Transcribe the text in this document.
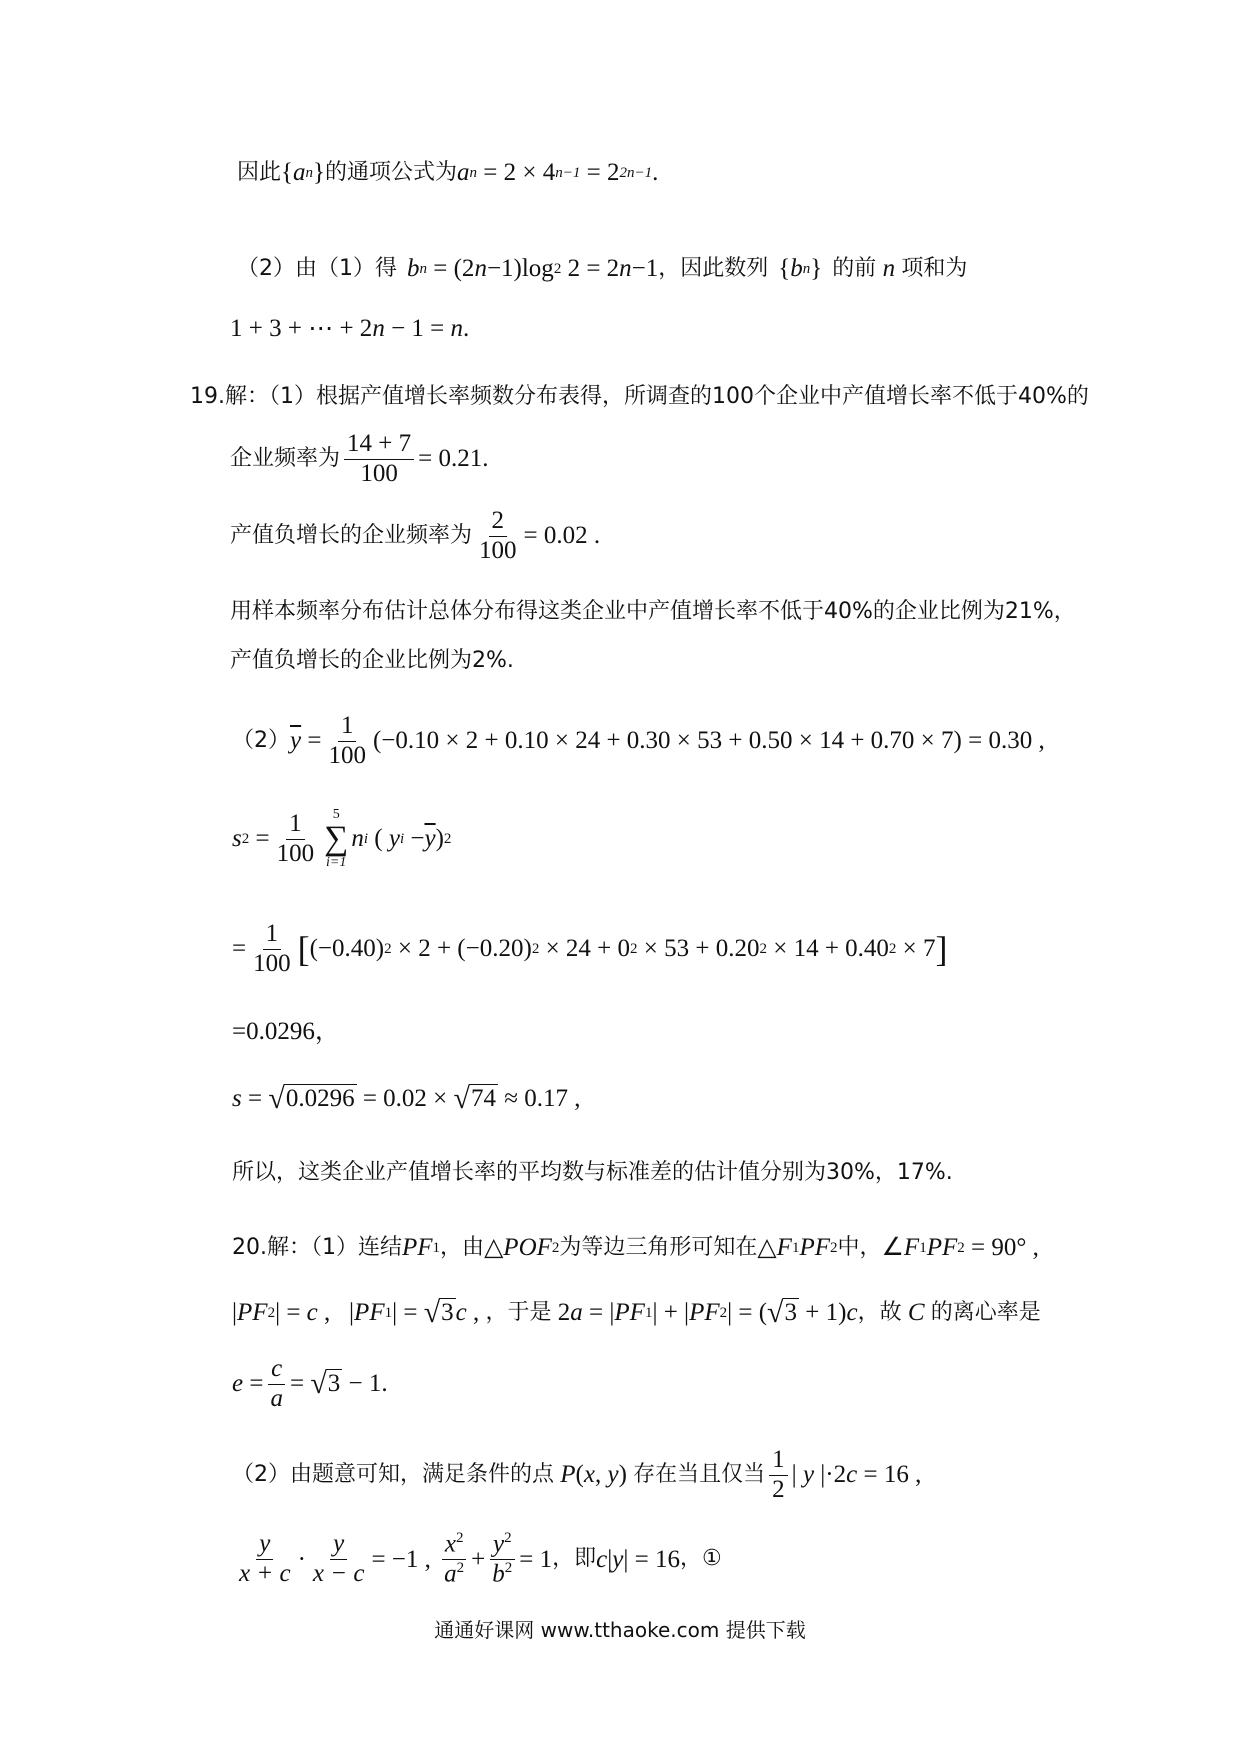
因此 { a n } 的通项公式为 a n = 2 × 4 n−1 = 2 2n−1 .
（2）由（1）得 b n = (2 n −1)log 2 2 = 2 n −1 ，因此数列 { b n } 的前 n 项和为
1 + 3 + ⋯ + 2 n − 1 = n .
19.解：（1）根据产值增长率频数分布表得，所调查的100个企业中产值增长率不低于40%的
企业频率为 $\frac{14 + 7}{100} = 0.21$.
产值负增长的企业频率为 $\frac{2}{100} = 0.02$ .
用样本频率分布估计总体分布得这类企业中产值增长率不低于40%的企业比例为21%，
产值负增长的企业比例为2%.
（2） $\overline{y} = \frac{1}{100} (-0.10 \times 2 + 0.10 \times 24 + 0.30 \times 53 + 0.50 \times 14 + 0.70 \times 7) = 0.30$ ,
s $2 = \frac{1}{100} 5$
∑
i=1
n i ( y $i - \overline{y}$ ) 2
= $\frac{1}{100}$ [ (−0.40) 2 × 2 + (−0.20) 2 × 24 + 0 2 × 53 + 0.20 2 × 14 + 0.40 2 × 7 ]
=0.0296，
s = √ 0.0296 = 0.02 × √ 74 ≈ 0.17 ,
所以，这类企业产值增长率的平均数与标准差的估计值分别为30%，17%.
20.解：（1）连结 PF 1 ，由 △ POF 2 为等边三角形可知在 △ F 1 PF 2 中， ∠ F 1 PF 2 = 90° ,
| PF 2 | = c ,   | PF 1 | = √ 3 c , ，于是 2 a = | PF 1 | + | PF 2 | = ( √ 3 + 1) c ，故 C 的离心率是
$e = \frac{c}{a}$ = √ 3 − 1.
（2）由题意可知，满足条件的点 P ( x , y ) 存在当且仅当 $\frac{1}{2}$ | y |·2 c = 16 ,
$\frac{y}{x + c} \cdot \frac{y}{x - c} = -1$ , $\frac{x^2}{a^2} + \frac{y^2}{b^2} = 1$ ，即 c | y | = 16 ，①
通通好课网 www.tthaoke.com 提供下载
